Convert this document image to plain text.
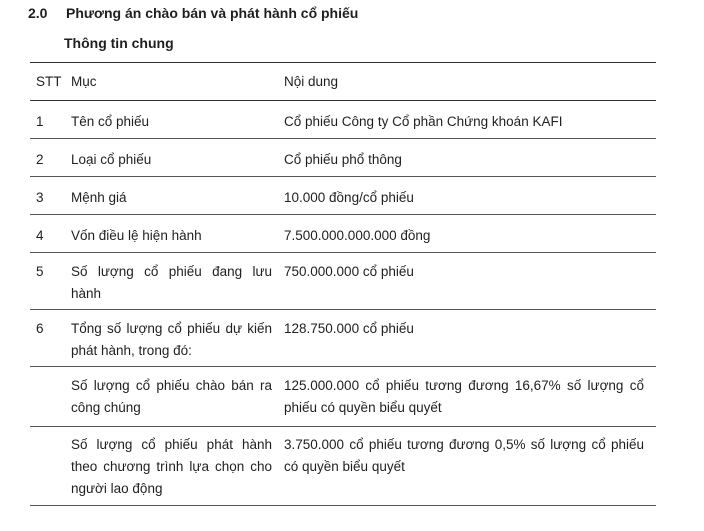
2.0 Phương án chào bán và phát hành cổ phiếu
Thông tin chung
STT	Mục	Nội dung
1	Tên cổ phiếu	Cổ phiếu Công ty Cổ phần Chứng khoán KAFI
2	Loại cổ phiếu	Cổ phiếu phổ thông
3	Mệnh giá	10.000 đồng/cổ phiếu
4	Vốn điều lệ hiện hành	7.500.000.000.000 đồng
5	Số lượng cổ phiếu đang lưu hành	750.000.000 cổ phiếu
6	Tổng số lượng cổ phiếu dự kiến phát hành, trong đó:	128.750.000 cổ phiếu
	Số lượng cổ phiếu chào bán ra công chúng	125.000.000 cổ phiếu tương đương 16,67% số lượng cổ phiếu có quyền biểu quyết
	Số lượng cổ phiếu phát hành theo chương trình lựa chọn cho người lao động	3.750.000 cổ phiếu tương đương 0,5% số lượng cổ phiếu có quyền biểu quyết
